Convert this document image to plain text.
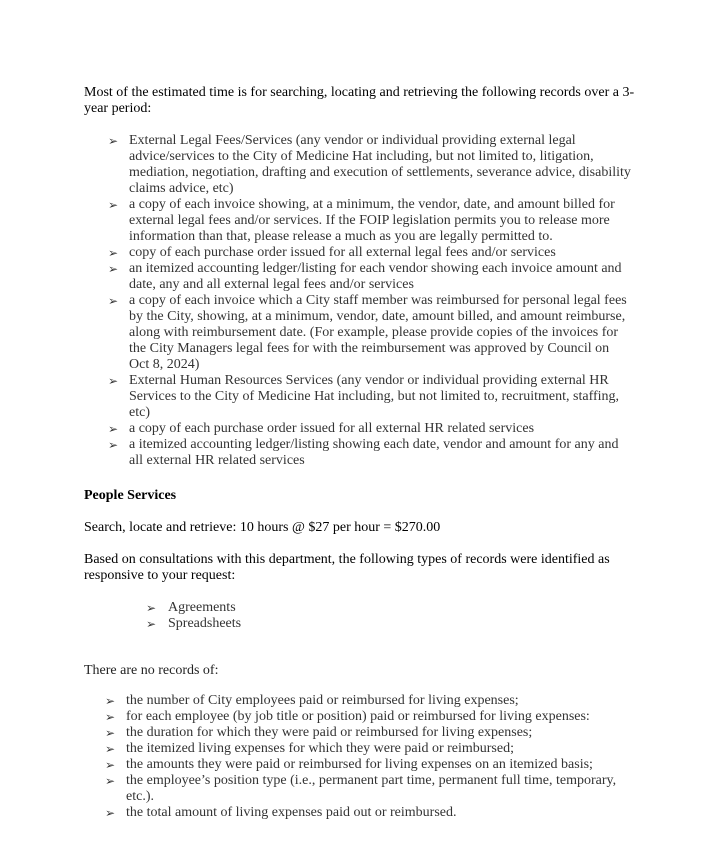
Most of the estimated time is for searching, locating and retrieving the following records over a 3-year period:

➢ External Legal Fees/Services (any vendor or individual providing external legal advice/services to the City of Medicine Hat including, but not limited to, litigation, mediation, negotiation, drafting and execution of settlements, severance advice, disability claims advice, etc)
➢ a copy of each invoice showing, at a minimum, the vendor, date, and amount billed for external legal fees and/or services. If the FOIP legislation permits you to release more information than that, please release a much as you are legally permitted to.
➢ copy of each purchase order issued for all external legal fees and/or services
➢ an itemized accounting ledger/listing for each vendor showing each invoice amount and date, any and all external legal fees and/or services
➢ a copy of each invoice which a City staff member was reimbursed for personal legal fees by the City, showing, at a minimum, vendor, date, amount billed, and amount reimburse, along with reimbursement date. (For example, please provide copies of the invoices for the City Managers legal fees for with the reimbursement was approved by Council on Oct 8, 2024)
➢ External Human Resources Services (any vendor or individual providing external HR Services to the City of Medicine Hat including, but not limited to, recruitment, staffing, etc)
➢ a copy of each purchase order issued for all external HR related services
➢ a itemized accounting ledger/listing showing each date, vendor and amount for any and all external HR related services

People Services

Search, locate and retrieve: 10 hours @ $27 per hour = $270.00

Based on consultations with this department, the following types of records were identified as responsive to your request:

➢ Agreements
➢ Spreadsheets

There are no records of:

➢ the number of City employees paid or reimbursed for living expenses;
➢ for each employee (by job title or position) paid or reimbursed for living expenses:
➢ the duration for which they were paid or reimbursed for living expenses;
➢ the itemized living expenses for which they were paid or reimbursed;
➢ the amounts they were paid or reimbursed for living expenses on an itemized basis;
➢ the employee’s position type (i.e., permanent part time, permanent full time, temporary, etc.).
➢ the total amount of living expenses paid out or reimbursed.
